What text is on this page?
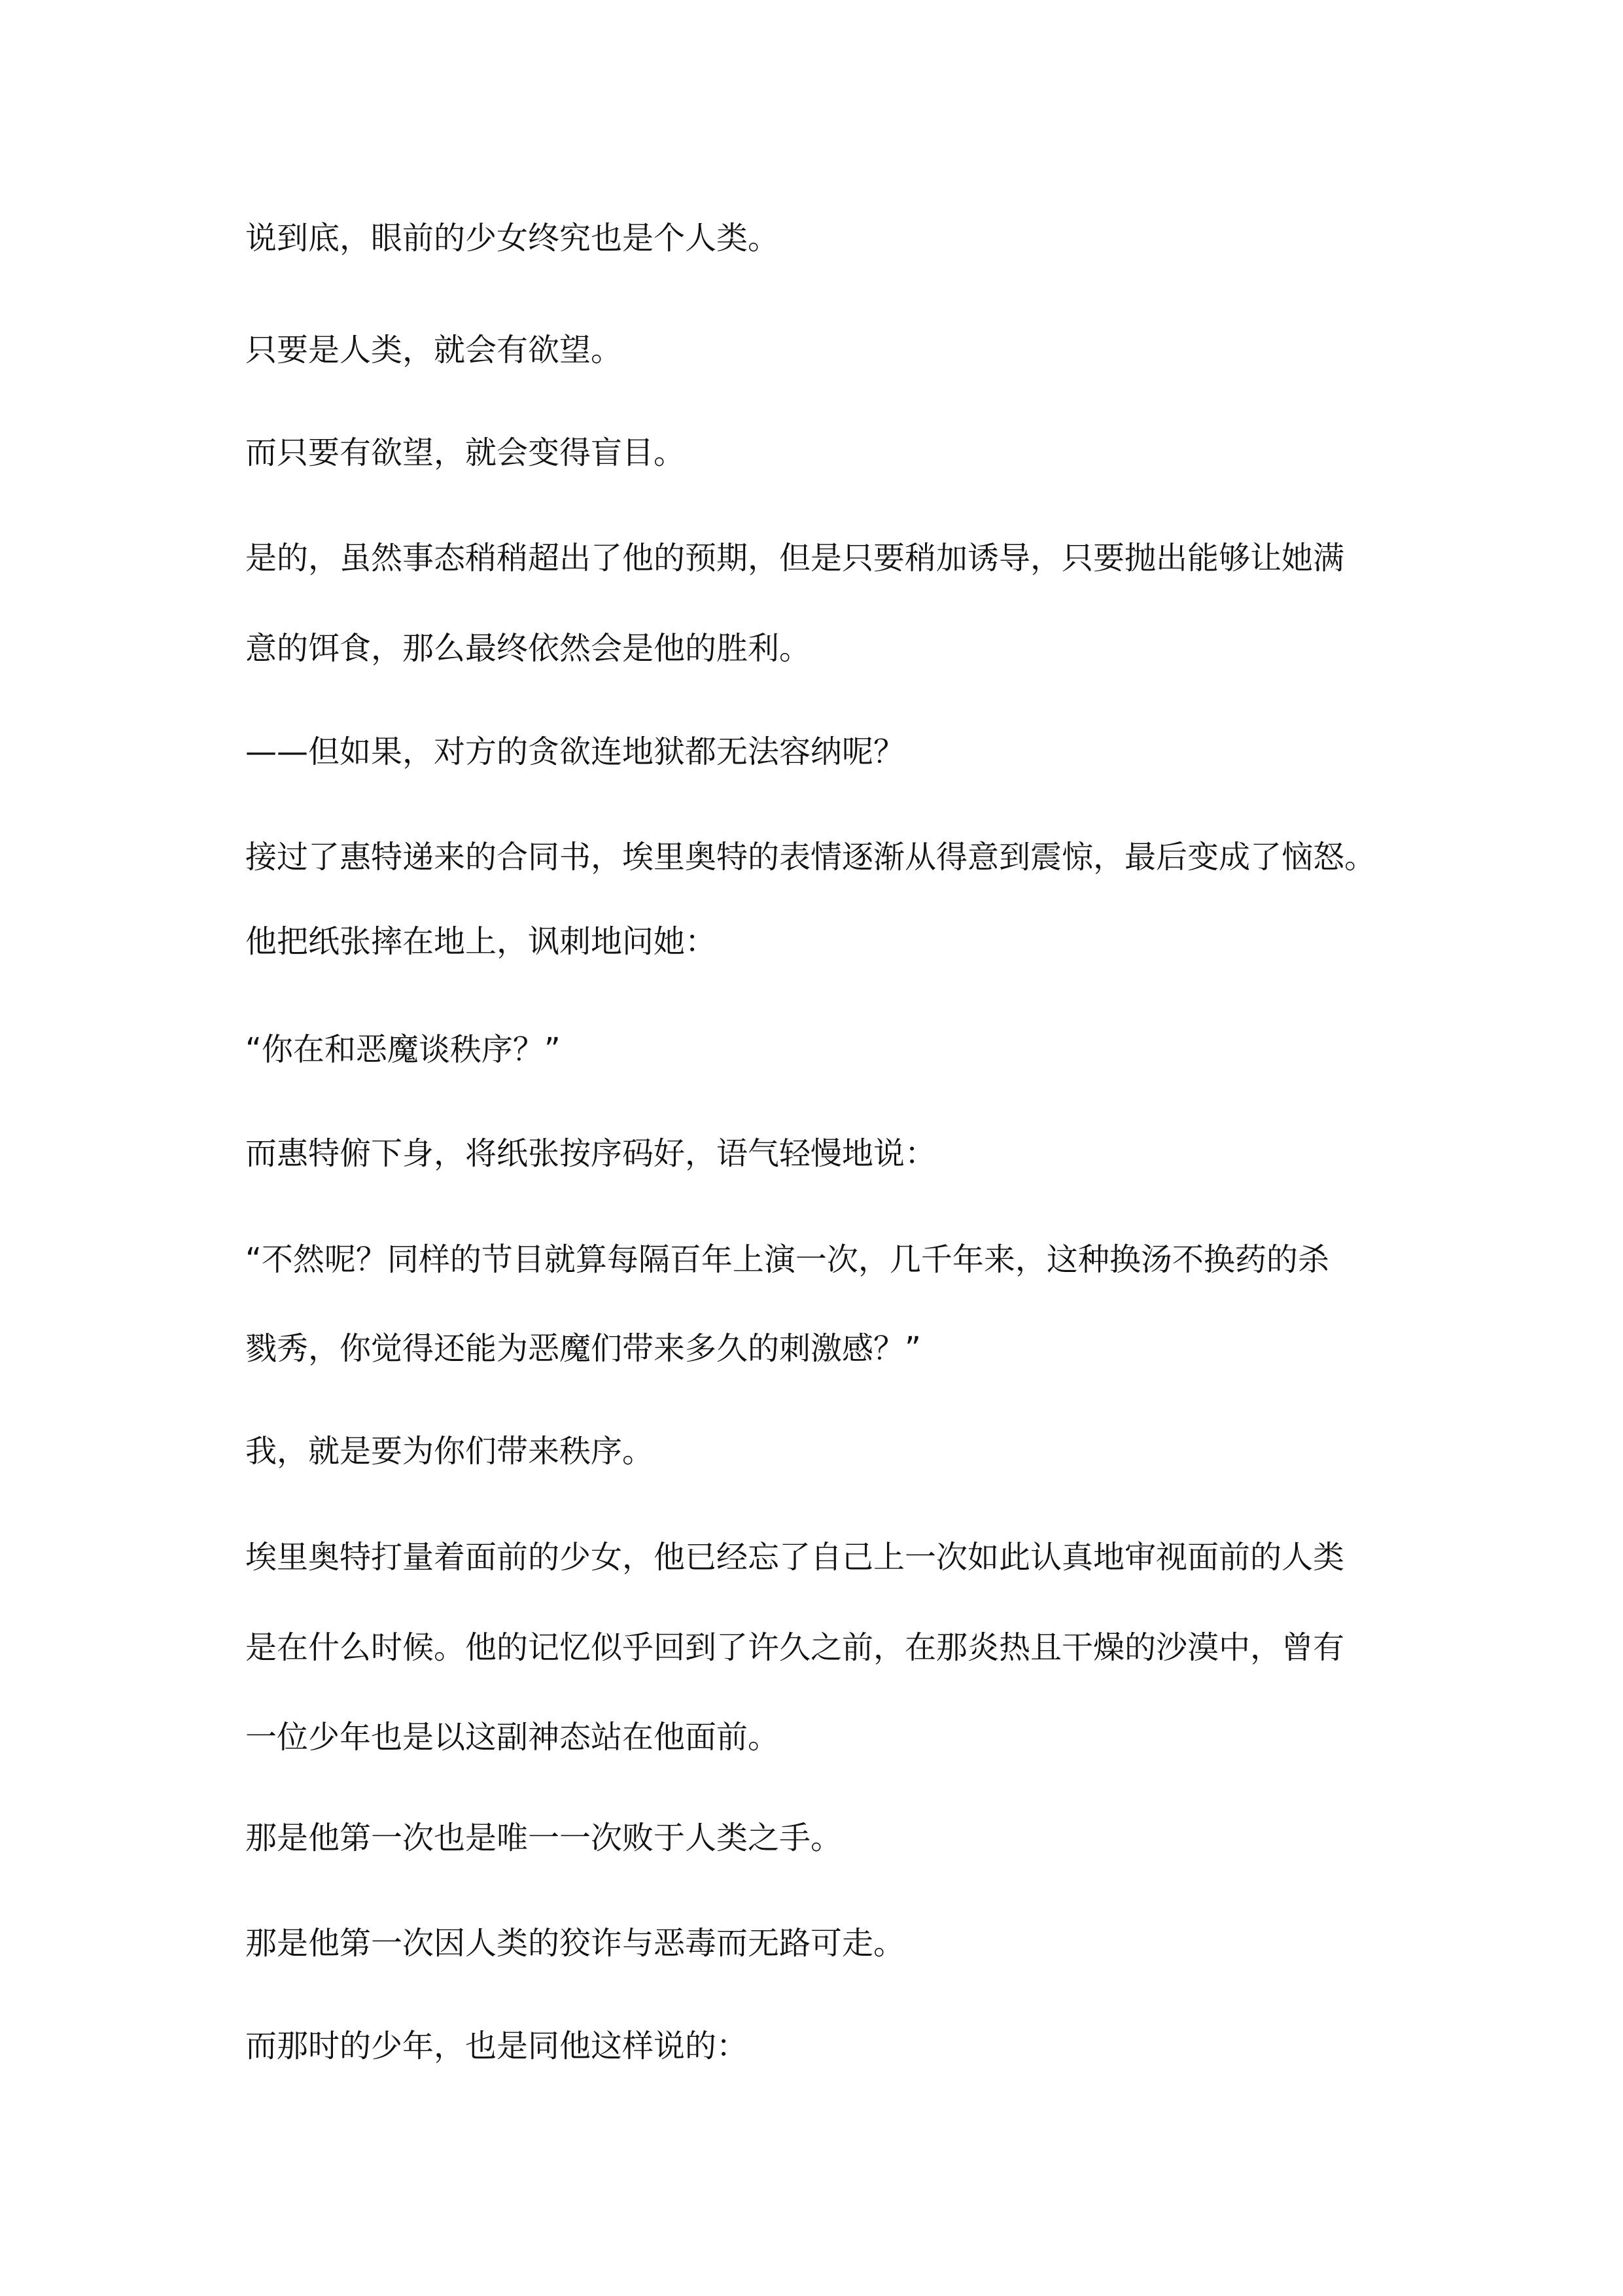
说到底，眼前的少女终究也是个人类。

只要是人类，就会有欲望。

而只要有欲望，就会变得盲目。

是的，虽然事态稍稍超出了他的预期，但是只要稍加诱导，只要抛出能够让她满

意的饵食，那么最终依然会是他的胜利。

——但如果，对方的贪欲连地狱都无法容纳呢？

接过了惠特递来的合同书，埃里奥特的表情逐渐从得意到震惊，最后变成了恼怒。

他把纸张摔在地上，讽刺地问她：

“你在和恶魔谈秩序？”

而惠特俯下身，将纸张按序码好，语气轻慢地说：

“不然呢？同样的节目就算每隔百年上演一次，几千年来，这种换汤不换药的杀

戮秀，你觉得还能为恶魔们带来多久的刺激感？”

我，就是要为你们带来秩序。

埃里奥特打量着面前的少女，他已经忘了自己上一次如此认真地审视面前的人类

是在什么时候。他的记忆似乎回到了许久之前，在那炎热且干燥的沙漠中，曾有

一位少年也是以这副神态站在他面前。

那是他第一次也是唯一一次败于人类之手。

那是他第一次因人类的狡诈与恶毒而无路可走。

而那时的少年，也是同他这样说的：
